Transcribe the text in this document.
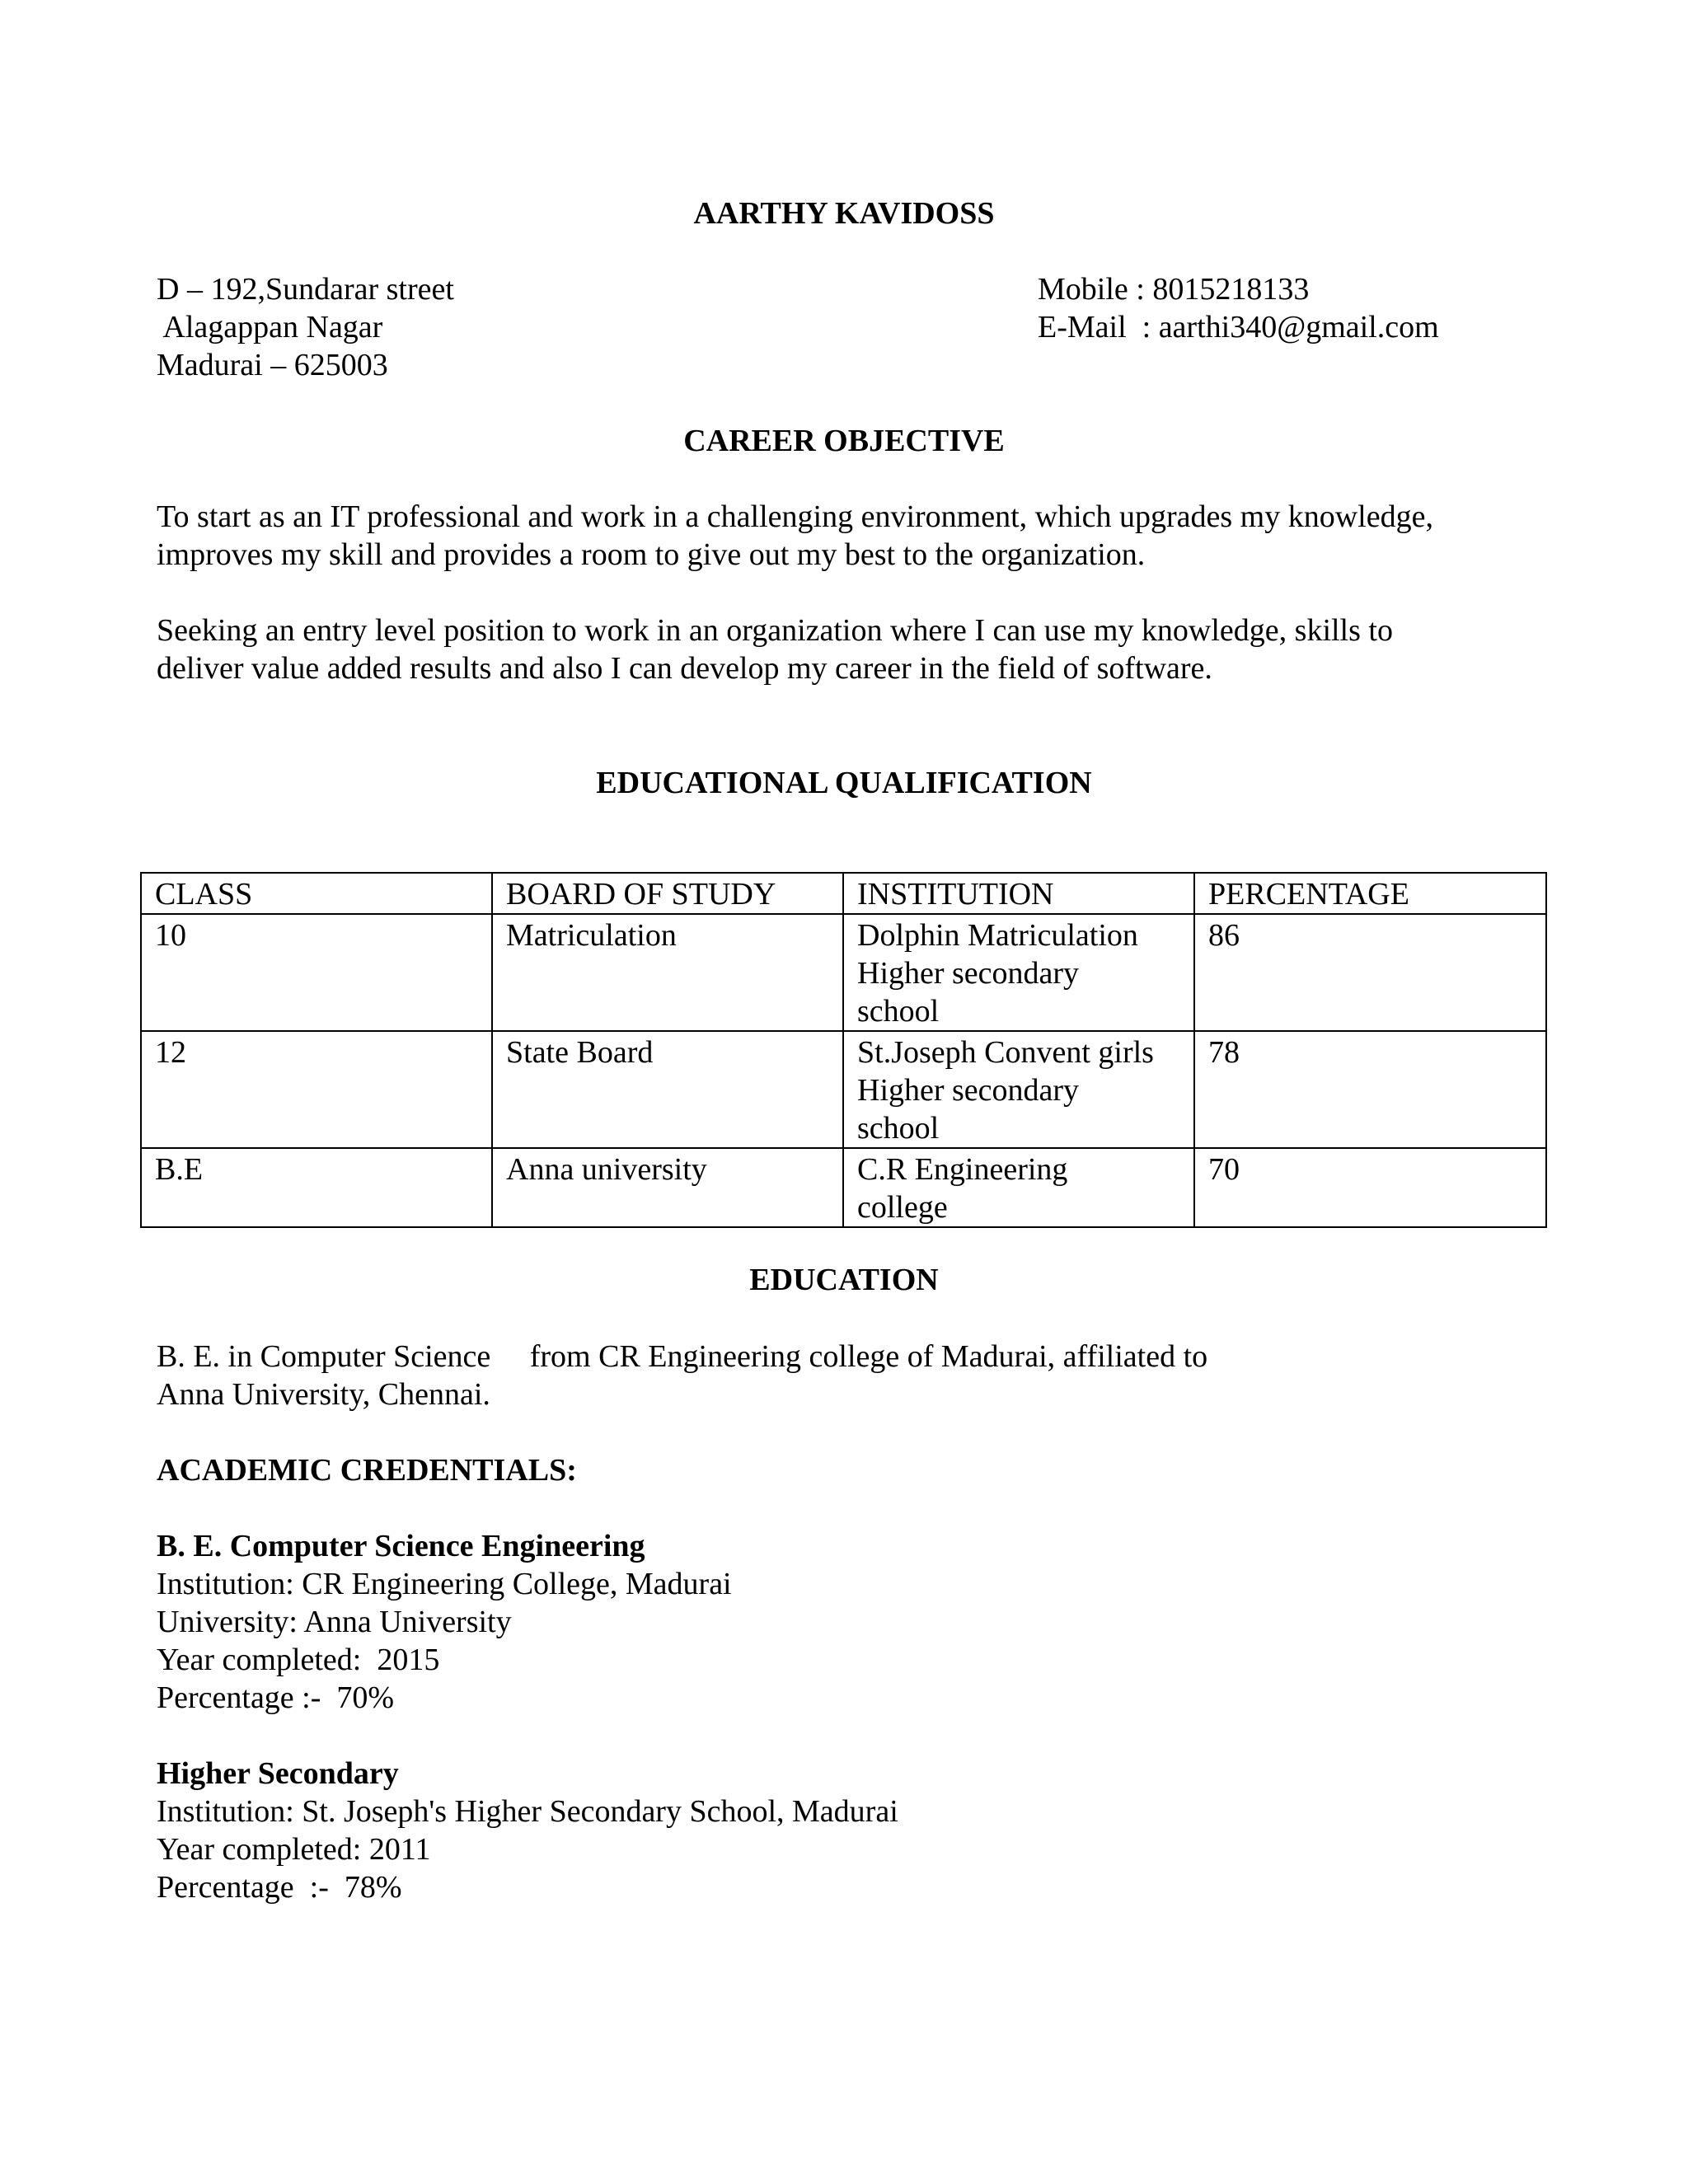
AARTHY KAVIDOSS
D – 192,Sundarar street
Alagappan Nagar
Madurai – 625003
Mobile : 8015218133
E-Mail  : aarthi340@gmail.com
CAREER OBJECTIVE
To start as an IT professional and work in a challenging environment, which upgrades my knowledge,
improves my skill and provides a room to give out my best to the organization.
Seeking an entry level position to work in an organization where I can use my knowledge, skills to
deliver value added results and also I can develop my career in the field of software.
EDUCATIONAL QUALIFICATION
CLASS	BOARD OF STUDY	INSTITUTION	PERCENTAGE
10	Matriculation	Dolphin Matriculation
Higher secondary
school	86
12	State Board	St.Joseph Convent girls
Higher secondary
school	78
B.E	Anna university	C.R Engineering
college	70
EDUCATION
B. E. in Computer Science     from CR Engineering college of Madurai, affiliated to
Anna University, Chennai.
ACADEMIC CREDENTIALS:
B. E. Computer Science Engineering
Institution: CR Engineering College, Madurai
University: Anna University
Year completed:  2015
Percentage :-  70%
Higher Secondary
Institution: St. Joseph's Higher Secondary School, Madurai
Year completed: 2011
Percentage  :-  78%
